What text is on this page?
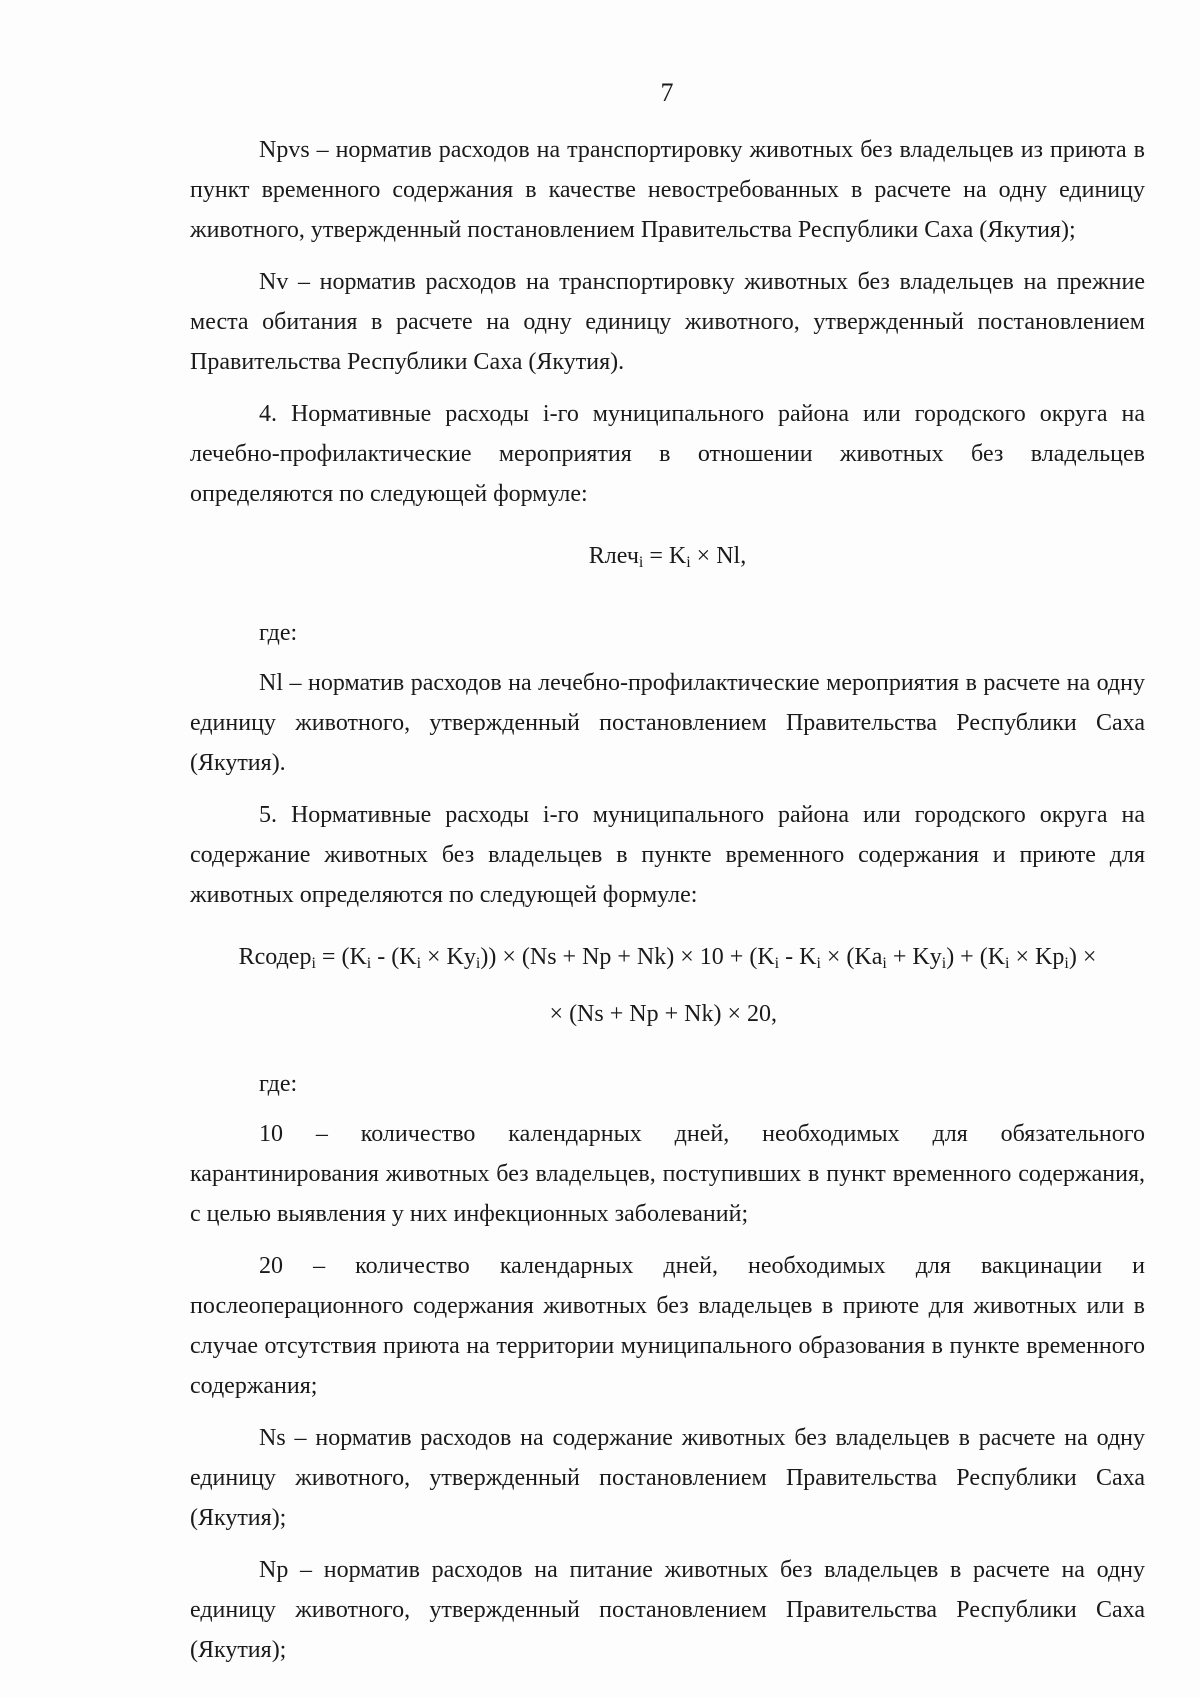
7

Npvs – норматив расходов на транспортировку животных без владельцев из приюта в пункт временного содержания в качестве невостребованных в расчете на одну единицу животного, утвержденный постановлением Правительства Республики Саха (Якутия);

Nv – норматив расходов на транспортировку животных без владельцев на прежние места обитания в расчете на одну единицу животного, утвержденный постановлением Правительства Республики Саха (Якутия).

4. Нормативные расходы i-го муниципального района или городского округа на лечебно-профилактические мероприятия в отношении животных без владельцев определяются по следующей формуле:

Rлеч$_i$ = $K_i \times Nl$,

где:

Nl – норматив расходов на лечебно-профилактические мероприятия в расчете на одну единицу животного, утвержденный постановлением Правительства Республики Саха (Якутия).

5. Нормативные расходы i-го муниципального района или городского округа на содержание животных без владельцев в пункте временного содержания и приюте для животных определяются по следующей формуле:

Rсодер$_i$ = $(K_i - (K_i \times Ky_i)) \times (Ns + Np + Nk) \times 10 + (K_i - K_i \times (Ka_i + Ky_i) + (K_i \times Kp_i)$ ×

× (Ns + Np + Nk) × 20,

где:

10 – количество календарных дней, необходимых для обязательного карантинирования животных без владельцев, поступивших в пункт временного содержания, с целью выявления у них инфекционных заболеваний;

20 – количество календарных дней, необходимых для вакцинации и послеоперационного содержания животных без владельцев в приюте для животных или в случае отсутствия приюта на территории муниципального образования в пункте временного содержания;

Ns – норматив расходов на содержание животных без владельцев в расчете на одну единицу животного, утвержденный постановлением Правительства Республики Саха (Якутия);

Np – норматив расходов на питание животных без владельцев в расчете на одну единицу животного, утвержденный постановлением Правительства Республики Саха (Якутия);
